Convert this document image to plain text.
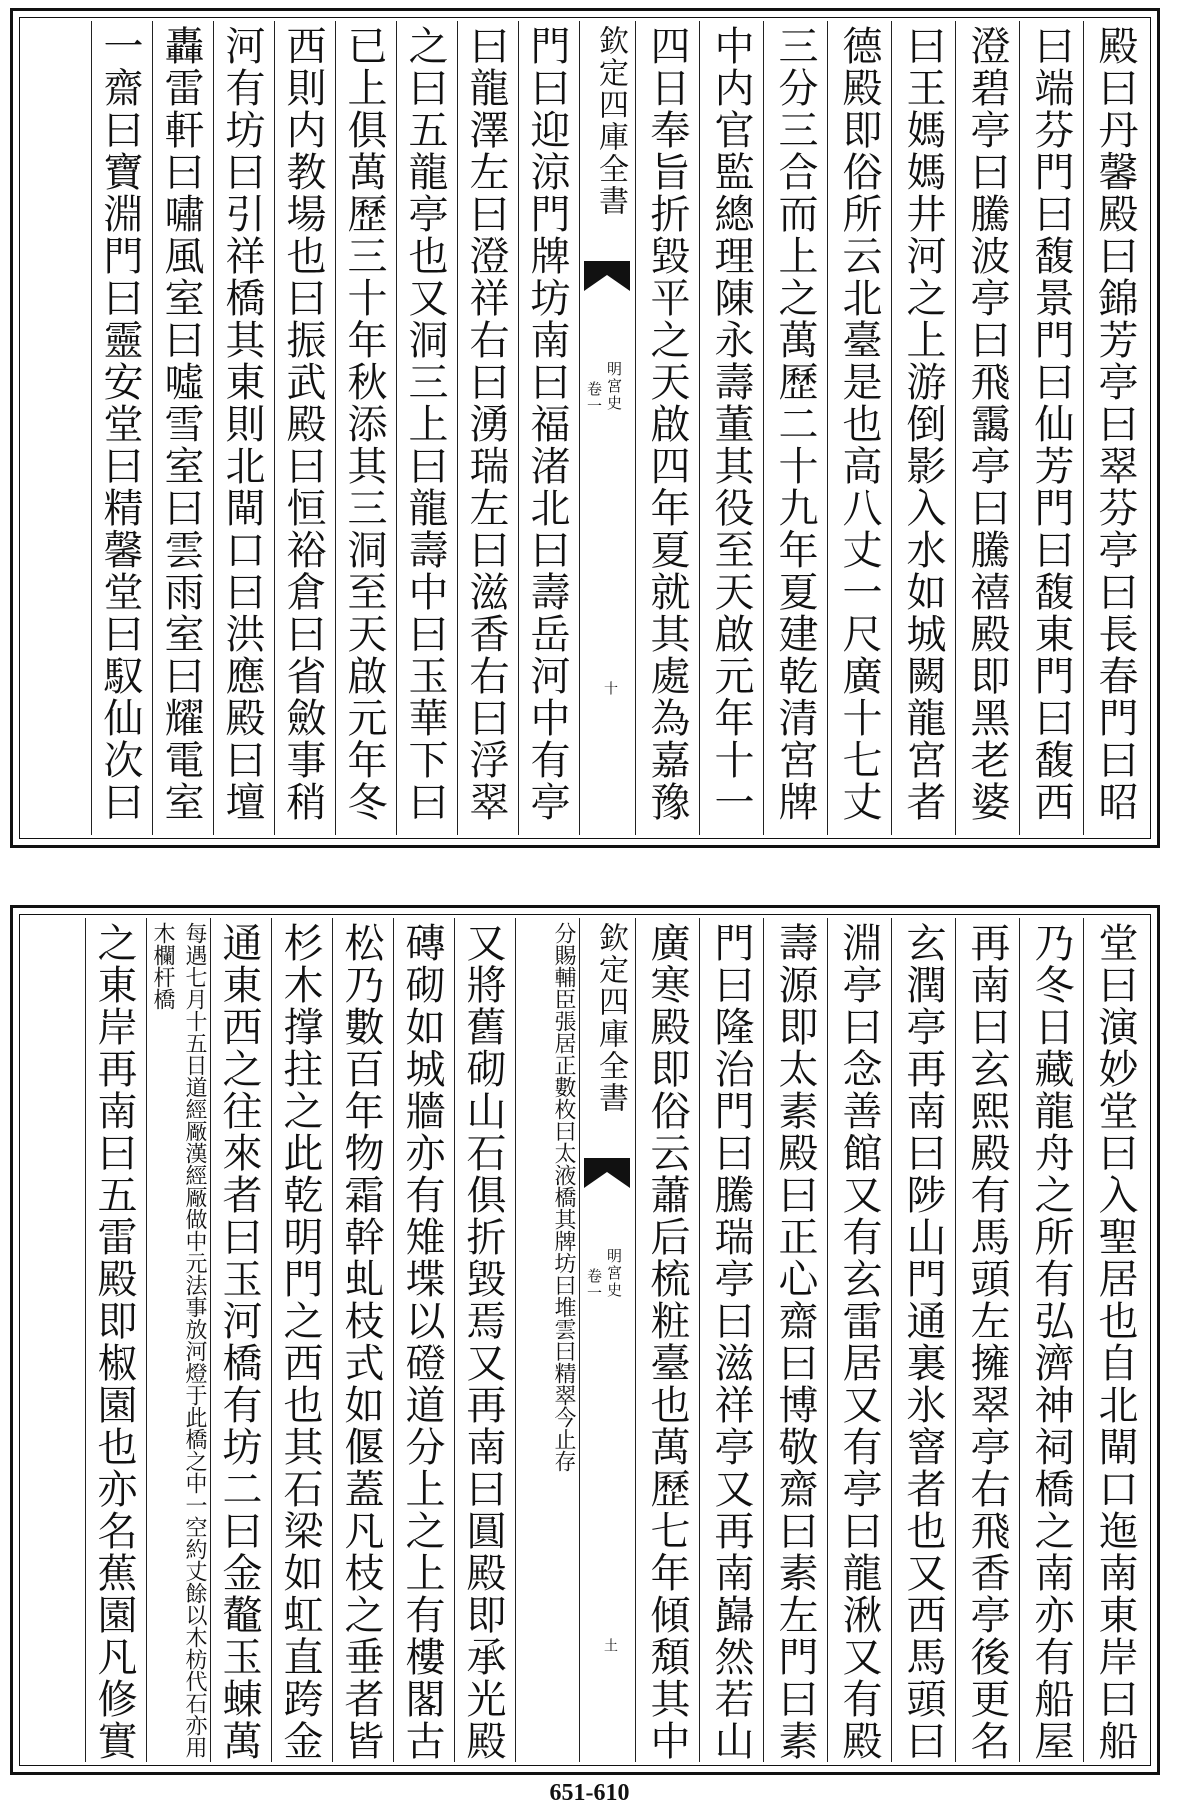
殿曰丹馨殿曰錦芳亭曰翠芬亭曰長春門曰昭
曰端芬門曰馥景門曰仙芳門曰馥東門曰馥西
澄碧亭曰騰波亭曰飛靄亭曰騰禧殿即黑老婆
曰王媽媽井河之上游倒影入水如城闕龍宮者
德殿即俗所云北臺是也高八丈一尺廣十七丈
三分三合而上之萬歷二十九年夏建乾清宮牌
中内官監總理陳永壽董其役至天啟元年十一
四日奉旨折毀平之天啟四年夏就其處為嘉豫
欽定四庫全書
明宮史
卷一
十
門曰迎涼門牌坊南曰福渚北曰壽岳河中有亭
曰龍澤左曰澄祥右曰湧瑞左曰滋香右曰浮翠
之曰五龍亭也又洞三上曰龍壽中曰玉華下曰
已上俱萬歷三十年秋添其三洞至天啟元年冬
西則内教場也曰振武殿曰恒裕倉曰省斂事稍
河有坊曰引祥橋其東則北閘口曰洪應殿曰壇
轟雷軒曰嘯風室曰噓雪室曰雲雨室曰耀電室
一齋曰寶淵門曰靈安堂曰精馨堂曰馭仙次曰
堂曰演妙堂曰入聖居也自北閘口迤南東岸曰船
乃冬日藏龍舟之所有弘濟神祠橋之南亦有船屋
再南曰玄熙殿有馬頭左擁翠亭右飛香亭後更名
玄潤亭再南曰陟山門通裏氷窨者也又西馬頭曰
淵亭曰念善館又有玄雷居又有亭曰龍湫又有殿
壽源即太素殿曰正心齋曰博敬齋曰素左門曰素
門曰隆治門曰騰瑞亭曰滋祥亭又再南巋然若山
廣寒殿即俗云蕭后梳粧臺也萬歷七年傾頽其中
欽定四庫全書
明宮史
卷一
土
分賜輔臣張居正數枚曰太液橋其牌坊曰堆雲曰精翠今止存
又將舊砌山石俱折毀焉又再南曰圓殿即承光殿
磚砌如城牆亦有雉堞以磴道分上之上有樓閣古
松乃數百年物霜幹虬枝式如偃蓋凡枝之垂者皆
杉木撑拄之此乾明門之西也其石梁如虹直跨金
通東西之往來者曰玉河橋有坊二曰金鼇玉蝀萬
每遇七月十五日道經厰漢經厰做中元法事放河燈于此橋之中一空約丈餘以木枋代石亦用木欄杆橋
之東岸再南曰五雷殿即椒園也亦名蕉園凡修實
651-610
